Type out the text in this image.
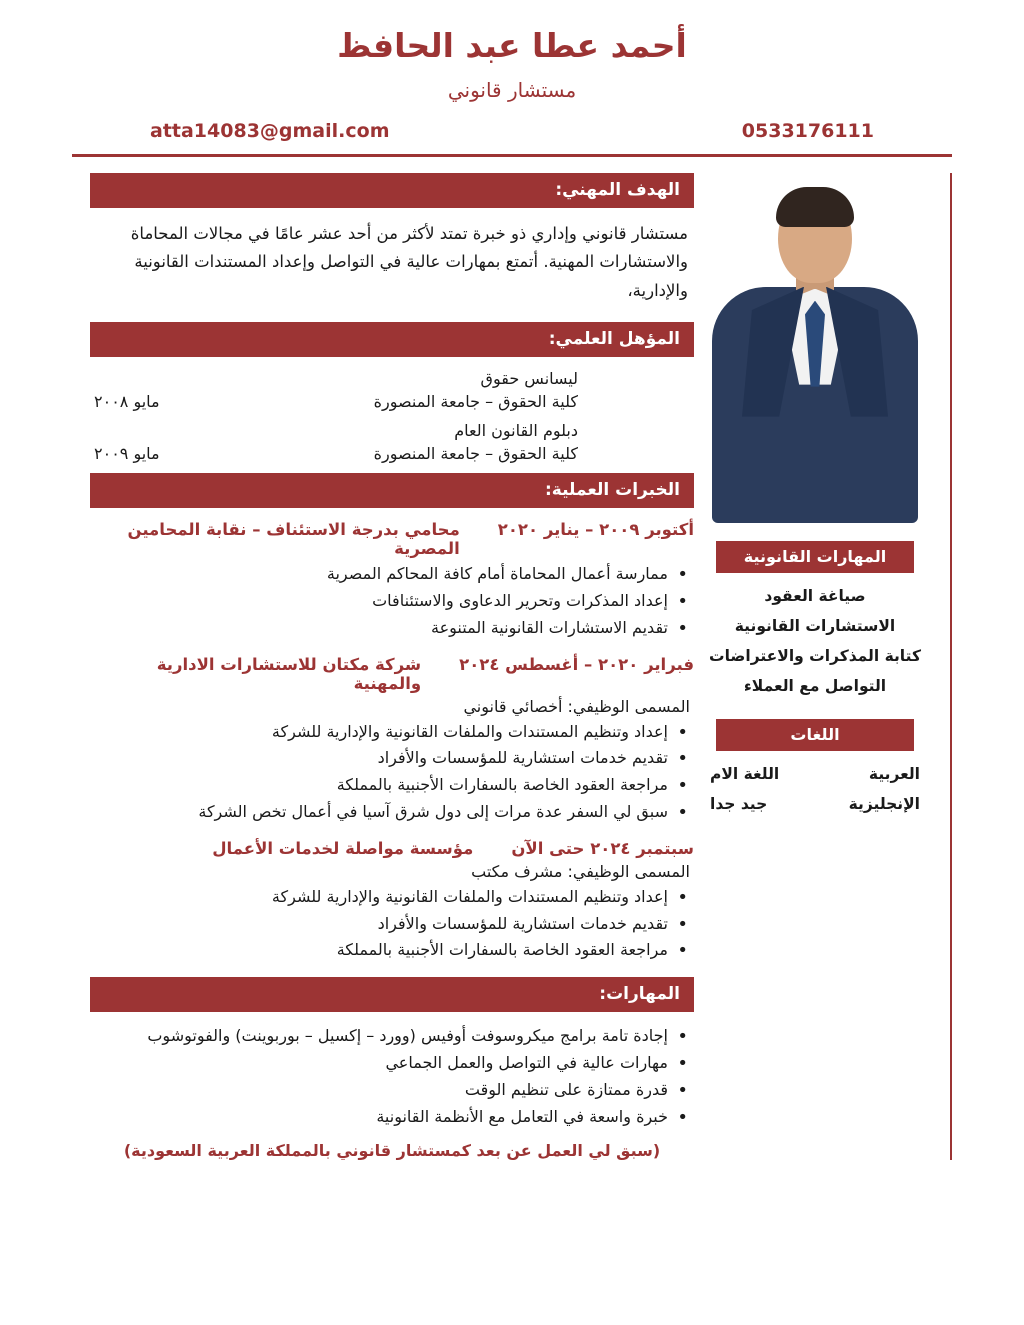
أحمد عطا عبد الحافظ
مستشار قانوني
atta14083@gmail.com	0533176111
المهارات القانونية
صياغة العقود
الاستشارات القانونية
كتابة المذكرات والاعتراضات
التواصل مع العملاء
اللغات
العربية
اللغة الام
الإنجليزية
جيد جدا
الهدف المهني:

مستشار قانوني وإداري ذو خبرة تمتد لأكثر من أحد عشر عامًا في مجالات المحاماة والاستشارات المهنية. أتمتع بمهارات عالية في التواصل وإعداد المستندات القانونية والإدارية،

المؤهل العلمي:
ليسانس حقوق
كلية الحقوق – جامعة المنصورة
مايو ٢٠٠٨
دبلوم القانون العام
كلية الحقوق – جامعة المنصورة
مايو ٢٠٠٩
الخبرات العملية:
أكتوبر ٢٠٠٩ – يناير ٢٠٢٠
محامي بدرجة الاستئناف – نقابة المحامين المصرية
• ممارسة أعمال المحاماة أمام كافة المحاكم المصرية
• إعداد المذكرات وتحرير الدعاوى والاستئنافات
• تقديم الاستشارات القانونية المتنوعة
فبراير ٢٠٢٠ – أغسطس ٢٠٢٤
شركة مكتان للاستشارات الادارية والمهنية
المسمى الوظيفي: أخصائي قانوني
• إعداد وتنظيم المستندات والملفات القانونية والإدارية للشركة
• تقديم خدمات استشارية للمؤسسات والأفراد
• مراجعة العقود الخاصة بالسفارات الأجنبية بالمملكة
• سبق لي السفر عدة مرات إلى دول شرق آسيا في أعمال تخص الشركة
سبتمبر ٢٠٢٤ حتى الآن
مؤسسة مواصلة لخدمات الأعمال
المسمى الوظيفي: مشرف مكتب
• إعداد وتنظيم المستندات والملفات القانونية والإدارية للشركة
• تقديم خدمات استشارية للمؤسسات والأفراد
• مراجعة العقود الخاصة بالسفارات الأجنبية بالمملكة
المهارات:
• إجادة تامة برامج ميكروسوفت أوفيس (وورد – إكسيل – بوربوينت) والفوتوشوب
• مهارات عالية في التواصل والعمل الجماعي
• قدرة ممتازة على تنظيم الوقت
• خبرة واسعة في التعامل مع الأنظمة القانونية
(سبق لي العمل عن بعد كمستشار قانوني بالمملكة العربية السعودية)
